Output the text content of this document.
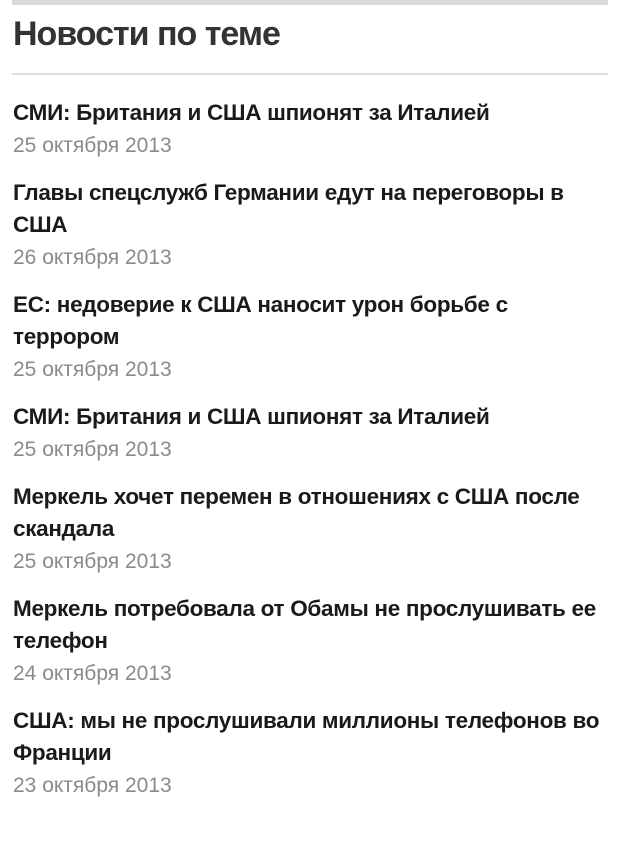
Новости по теме
СМИ: Британия и США шпионят за Италией
25 октября 2013
Главы спецслужб Германии едут на переговоры в США
26 октября 2013
ЕС: недоверие к США наносит урон борьбе с террором
25 октября 2013
СМИ: Британия и США шпионят за Италией
25 октября 2013
Меркель хочет перемен в отношениях с США после скандала
25 октября 2013
Меркель потребовала от Обамы не прослушивать ее телефон
24 октября 2013
США: мы не прослушивали миллионы телефонов во Франции
23 октября 2013
